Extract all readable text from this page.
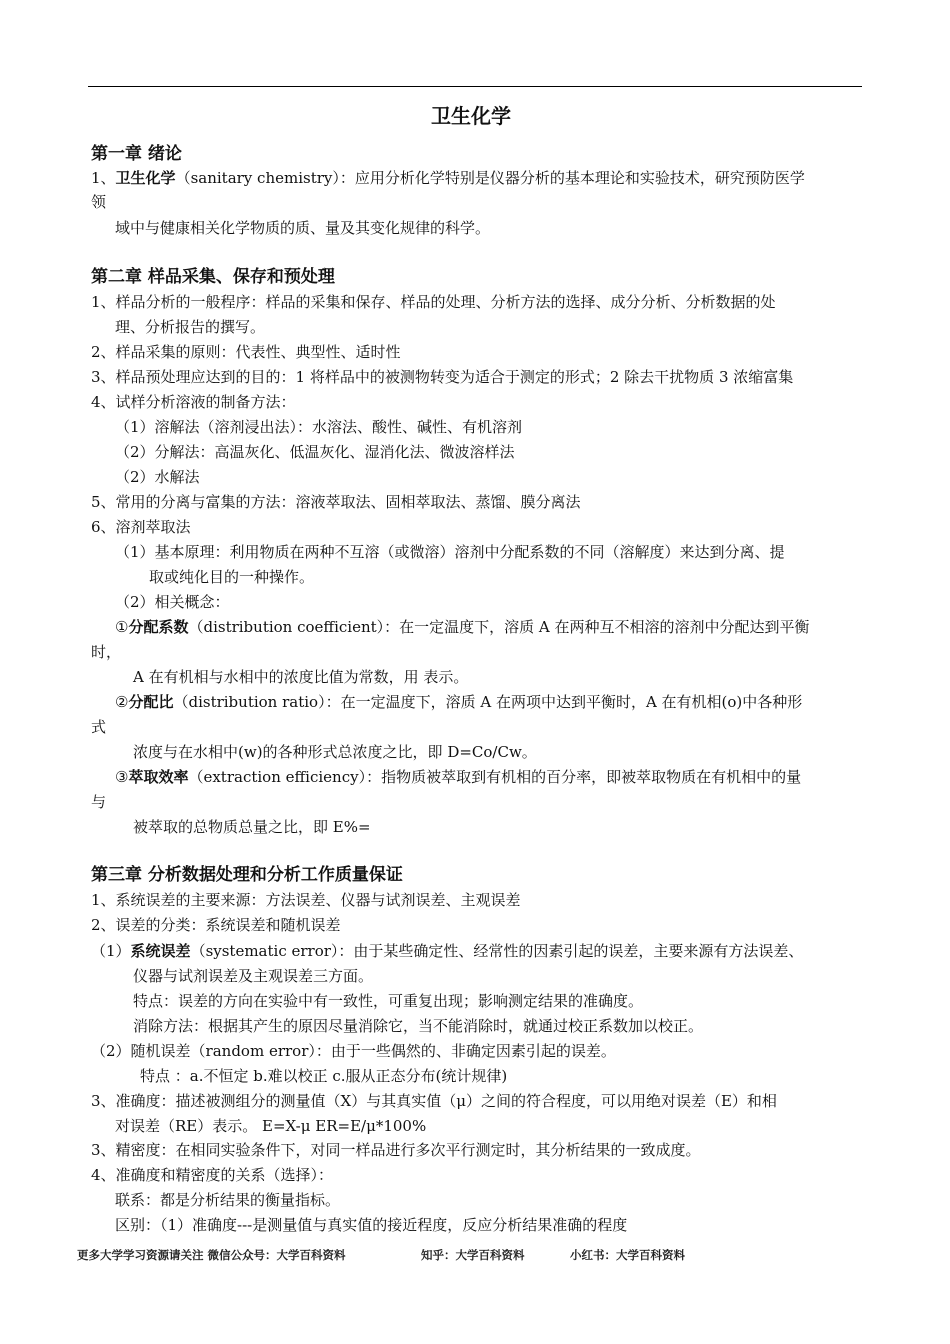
卫生化学
第一章 绪论
第二章 样品采集、保存和预处理
第三章 分析数据处理和分析工作质量保证
1、卫生化学（sanitary chemistry）：应用分析化学特别是仪器分析的基本理论和实验技术，研究预防医学
领
域中与健康相关化学物质的质、量及其变化规律的科学。
1、样品分析的一般程序：样品的采集和保存、样品的处理、分析方法的选择、成分分析、分析数据的处
理、分析报告的撰写。
2、样品采集的原则：代表性、典型性、适时性
3、样品预处理应达到的目的：1 将样品中的被测物转变为适合于测定的形式；2 除去干扰物质 3 浓缩富集
4、试样分析溶液的制备方法：
（1）溶解法（溶剂浸出法）：水溶法、酸性、碱性、有机溶剂
（2）分解法：高温灰化、低温灰化、湿消化法、微波溶样法
（2）水解法
5、常用的分离与富集的方法：溶液萃取法、固相萃取法、蒸馏、膜分离法
6、溶剂萃取法
（1）基本原理：利用物质在两种不互溶（或微溶）溶剂中分配系数的不同（溶解度）来达到分离、提
取或纯化目的一种操作。
（2）相关概念：
①分配系数（distribution coefficient）：在一定温度下，溶质 A 在两种互不相溶的溶剂中分配达到平衡
时，
A 在有机相与水相中的浓度比值为常数，用 表示。
②分配比（distribution ratio）：在一定温度下，溶质 A 在两项中达到平衡时，A 在有机相(o)中各种形
式
浓度与在水相中(w)的各种形式总浓度之比，即 D=Co/Cw。
③萃取效率（extraction efficiency）：指物质被萃取到有机相的百分率，即被萃取物质在有机相中的量
与
被萃取的总物质总量之比，即 E%=
1、系统误差的主要来源：方法误差、仪器与试剂误差、主观误差
2、误差的分类：系统误差和随机误差
（1）系统误差（systematic error）：由于某些确定性、经常性的因素引起的误差，主要来源有方法误差、
仪器与试剂误差及主观误差三方面。
特点：误差的方向在实验中有一致性，可重复出现；影响测定结果的准确度。
消除方法：根据其产生的原因尽量消除它，当不能消除时，就通过校正系数加以校正。
（2）随机误差（random error）：由于一些偶然的、非确定因素引起的误差。
特点 ：a.不恒定 b.难以校正 c.服从正态分布(统计规律)
3、准确度：描述被测组分的测量值（X）与其真实值（μ）之间的符合程度，可以用绝对误差（E）和相
对误差（RE）表示。 E=X-μ ER=E/μ*100%
3、精密度：在相同实验条件下，对同一样品进行多次平行测定时，其分析结果的一致成度。
4、准确度和精密度的关系（选择）：
联系：都是分析结果的衡量指标。
区别：（1）准确度---是测量值与真实值的接近程度，反应分析结果准确的程度
更多大学学习资源请关注 微信公众号：大学百科资料	知乎：大学百科资料	小红书：大学百科资料
